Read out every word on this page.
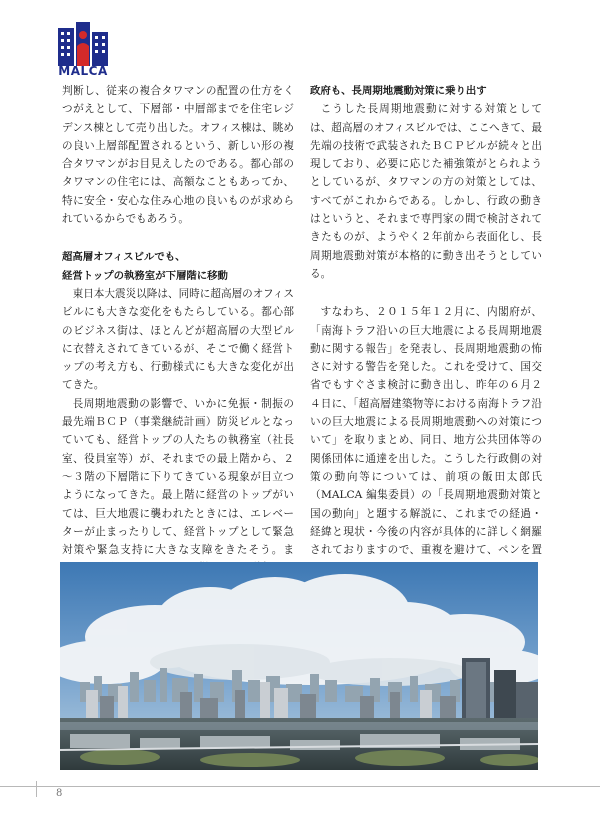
MALCA

判断し、従来の複合タワマンの配置の仕方をくつがえとして、下層部・中層部までを住宅レジデンス棟として売り出した。オフィス棟は、眺めの良い上層部配置されるという、新しい形の複合タワマンがお目見えしたのである。都心部のタワマンの住宅には、高額なこともあってか、特に安全・安心な住み心地の良いものが求められているからでもあろう。

超高層オフィスビルでも、
経営トップの執務室が下層階に移動

東日本大震災以降は、同時に超高層のオフィスビルにも大きな変化をもたらしている。都心部のビジネス街は、ほとんどが超高層の大型ビルに衣替えされてきているが、そこで働く経営トップの考え方も、行動様式にも大きな変化が出てきた。

長周期地震動の影響で、いかに免振・制振の最先端ＢＣＰ（事業継続計画）防災ビルとなっていても、経営トップの人たちの執務室（社長室、役員室等）が、それまでの最上階から、２～３階の下層階に下りてきている現象が目立つようになってきた。最上階に経営のトップがいては、巨大地震に襲われたときには、エレベーターが止まったりして、経営トップとして緊急対策や緊急支持に大きな支障をきたそう。ま

政府も、長周期地震動対策に乗り出す

こうした長周期地震動に対する対策としては、超高層のオフィスビルでは、ここへきて、最先端の技術で武装されたＢＣＰビルが続々と出現しており、必要に応じた補強策がとられようとしているが、タワマンの方の対策としては、すべてがこれからである。しかし、行政の動きはというと、それまで専門家の間で検討されてきたものが、ようやく２年前から表面化し、長周期地震動対策が本格的に動き出そうとしている。

すなわち、２０１５年１２月に、内閣府が、「南海トラフ沿いの巨大地震による長周期地震動に関する報告」を発表し、長周期地震動の怖さに対する警告を発した。これを受けて、国交省でもすぐさま検討に動き出し、昨年の６月２４日に、「超高層建築物等における南海トラフ沿いの巨大地震による長周期地震動への対策について」を取りまとめ、同日、地方公共団体等の関係団体に通達を出した。こうした行政側の対策の動向等については、前項の飯田太郎氏（MALCA 編集委員）の「長周期地震動対策と国の動向」と題する解説に、これまでの経過・経緯と現状・今後の内容が具体的に詳しく網羅されておりますので、重複を避けて、ペンを置

8
